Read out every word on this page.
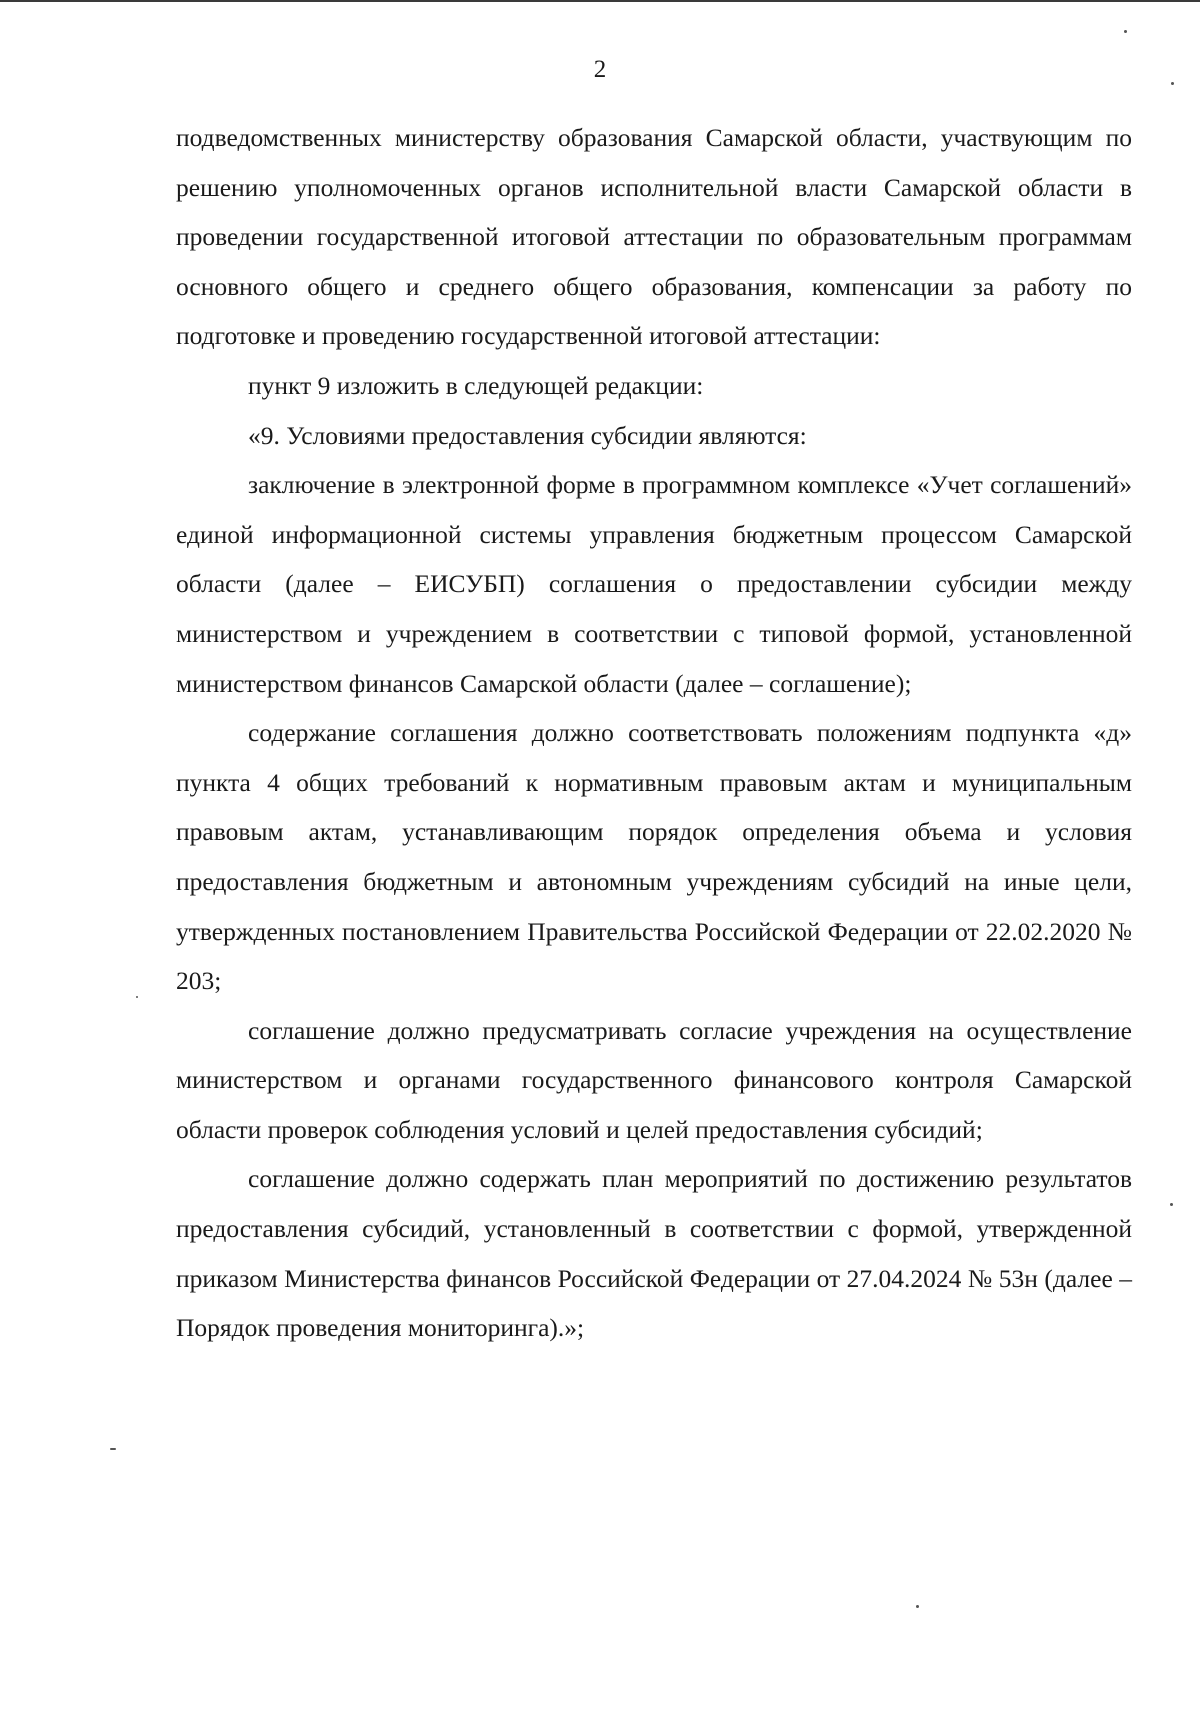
2

подведомственных министерству образования Самарской области, участвующим по решению уполномоченных органов исполнительной власти Самарской области в проведении государственной итоговой аттестации по образовательным программам основного общего и среднего общего образования, компенсации за работу по подготовке и проведению государственной итоговой аттестации:

пункт 9 изложить в следующей редакции:

«9. Условиями предоставления субсидии являются:

заключение в электронной форме в программном комплексе «Учет соглашений» единой информационной системы управления бюджетным процессом Самарской области (далее – ЕИСУБП) соглашения о предоставлении субсидии между министерством и учреждением в соответствии с типовой формой, установленной министерством финансов Самарской области (далее – соглашение);

содержание соглашения должно соответствовать положениям подпункта «д» пункта 4 общих требований к нормативным правовым актам и муниципальным правовым актам, устанавливающим порядок определения объема и условия предоставления бюджетным и автономным учреждениям субсидий на иные цели, утвержденных постановлением Правительства Российской Федерации от 22.02.2020 № 203;

соглашение должно предусматривать согласие учреждения на осуществление министерством и органами государственного финансового контроля Самарской области проверок соблюдения условий и целей предоставления субсидий;

соглашение должно содержать план мероприятий по достижению результатов предоставления субсидий, установленный в соответствии с формой, утвержденной приказом Министерства финансов Российской Федерации от 27.04.2024 № 53н (далее – Порядок проведения мониторинга).»;
